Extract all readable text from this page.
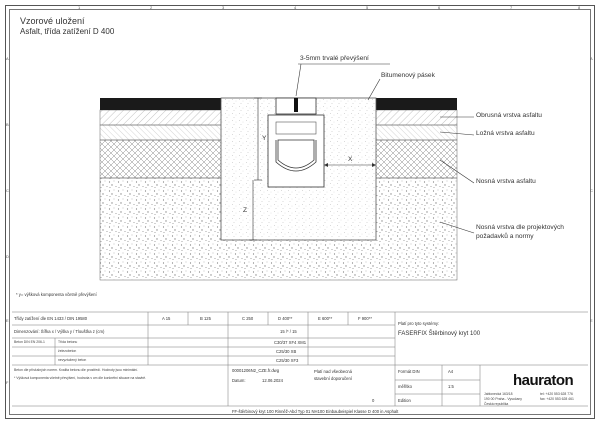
1	2	3	4	5	6	7	8
A
B
C
D
E
F
A
C
E
Vzorové uložení
Asfalt, třída zatížení D 400
3-5mm trvalé převýšení
Bitumenový pásek
Obrusná vrstva asfaltu
Ložná vrstva asfaltu
Nosná vrstva asfaltu
Nosná vrstva dle projektových
požadavků a normy
Y
X
Z
* y= výšková komponenta včetně převýšení
Třídy zatížení dle EN 1433 / DIN 19580	A 15	B 125	C 250	D 400**	E 600**	F 900**
Dimenzování: Šířka x / Výška y / Tloušťka z (cm)	15 /* / 15
Beton DIN EN 206-1	Třída betonu	C30/37 XF4 XM1
železobeton	C25/30 XB
nevyztužený beton	C25/30 XF3
Beton dle příslušných norem. Kvalita betonu dle prostředí. Hodnoty jsou minimální.
* Výšková komponenta včetně převýšení, hodnota v cm dle konkrétní situace na stavbě.
Platí pro tyto systémy:
FASERFIX Štěrbinový kryt 100
00001206N2_CZE.fr.dwg
Datum:	12.06.2024
Platí nad všeobecná
stavební doporučení
0
Formát DIN	A4
měřítko	1:5
Edition
hauraton
Jablonecká 163/18
190 00 Praha - Vysočany
Česká republika
tel: +420 553 628 776
fax: +420 553 628 461
FF-štěrbinový kryt 100 Rinněž-Abd Typ 01 NH100 Einbaubeispiel Klasse D 400 in Asphalt
